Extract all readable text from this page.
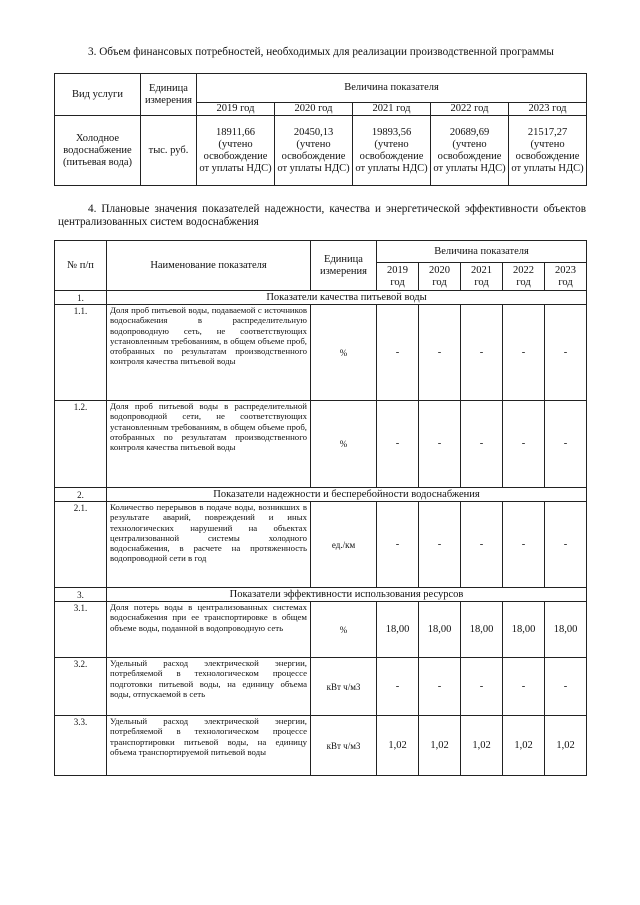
3. Объем финансовых потребностей, необходимых для реализации производственной программы
Вид услуги	Единица измерения	Величина показателя				
		2019 год	2020 год	2021 год	2022 год	2023 год
Холодное водоснабжение (питьевая вода)	тыс. руб.	18911,66 (учтено освобождение от уплаты НДС)	20450,13 (учтено освобождение от уплаты НДС)	19893,56 (учтено освобождение от уплаты НДС)	20689,69 (учтено освобождение от уплаты НДС)	21517,27 (учтено освобождение от уплаты НДС)
4. Плановые значения показателей надежности, качества и энергетической эффективности объектов централизованных систем водоснабжения
№ п/п	Наименование показателя	Единица измерения	Величина показателя				
			2019 год	2020 год	2021 год	2022 год	2023 год
1.	Показатели качества питьевой воды						
1.1.	Доля проб питьевой воды, подаваемой с источников водоснабжения в распределительную водопроводную сеть, не соответствующих установленным требованиям, в общем объеме проб, отобранных по результатам производственного контроля качества питьевой воды	%	-	-	-	-	-
1.2.	Доля проб питьевой воды в распределительной водопроводной сети, не соответствующих установленным требованиям, в общем объеме проб, отобранных по результатам производственного контроля качества питьевой воды	%	-	-	-	-	-
2.	Показатели надежности и бесперебойности водоснабжения						
2.1.	Количество перерывов в подаче воды, возникших в результате аварий, повреждений и иных технологических нарушений на объектах централизованной системы холодного водоснабжения, в расчете на протяженность водопроводной сети в год	ед./км	-	-	-	-	-
3.	Показатели эффективности использования ресурсов						
3.1.	Доля потерь воды в централизованных системах водоснабжения при ее транспортировке в общем объеме воды, поданной в водопроводную сеть	%	18,00	18,00	18,00	18,00	18,00
3.2.	Удельный расход электрической энергии, потребляемой в технологическом процессе подготовки питьевой воды, на единицу объема воды, отпускаемой в сеть	кВт ч/м3	-	-	-	-	-
3.3.	Удельный расход электрической энергии, потребляемой в технологическом процессе транспортировки питьевой воды, на единицу объема транспортируемой питьевой воды	кВт ч/м3	1,02	1,02	1,02	1,02	1,02
